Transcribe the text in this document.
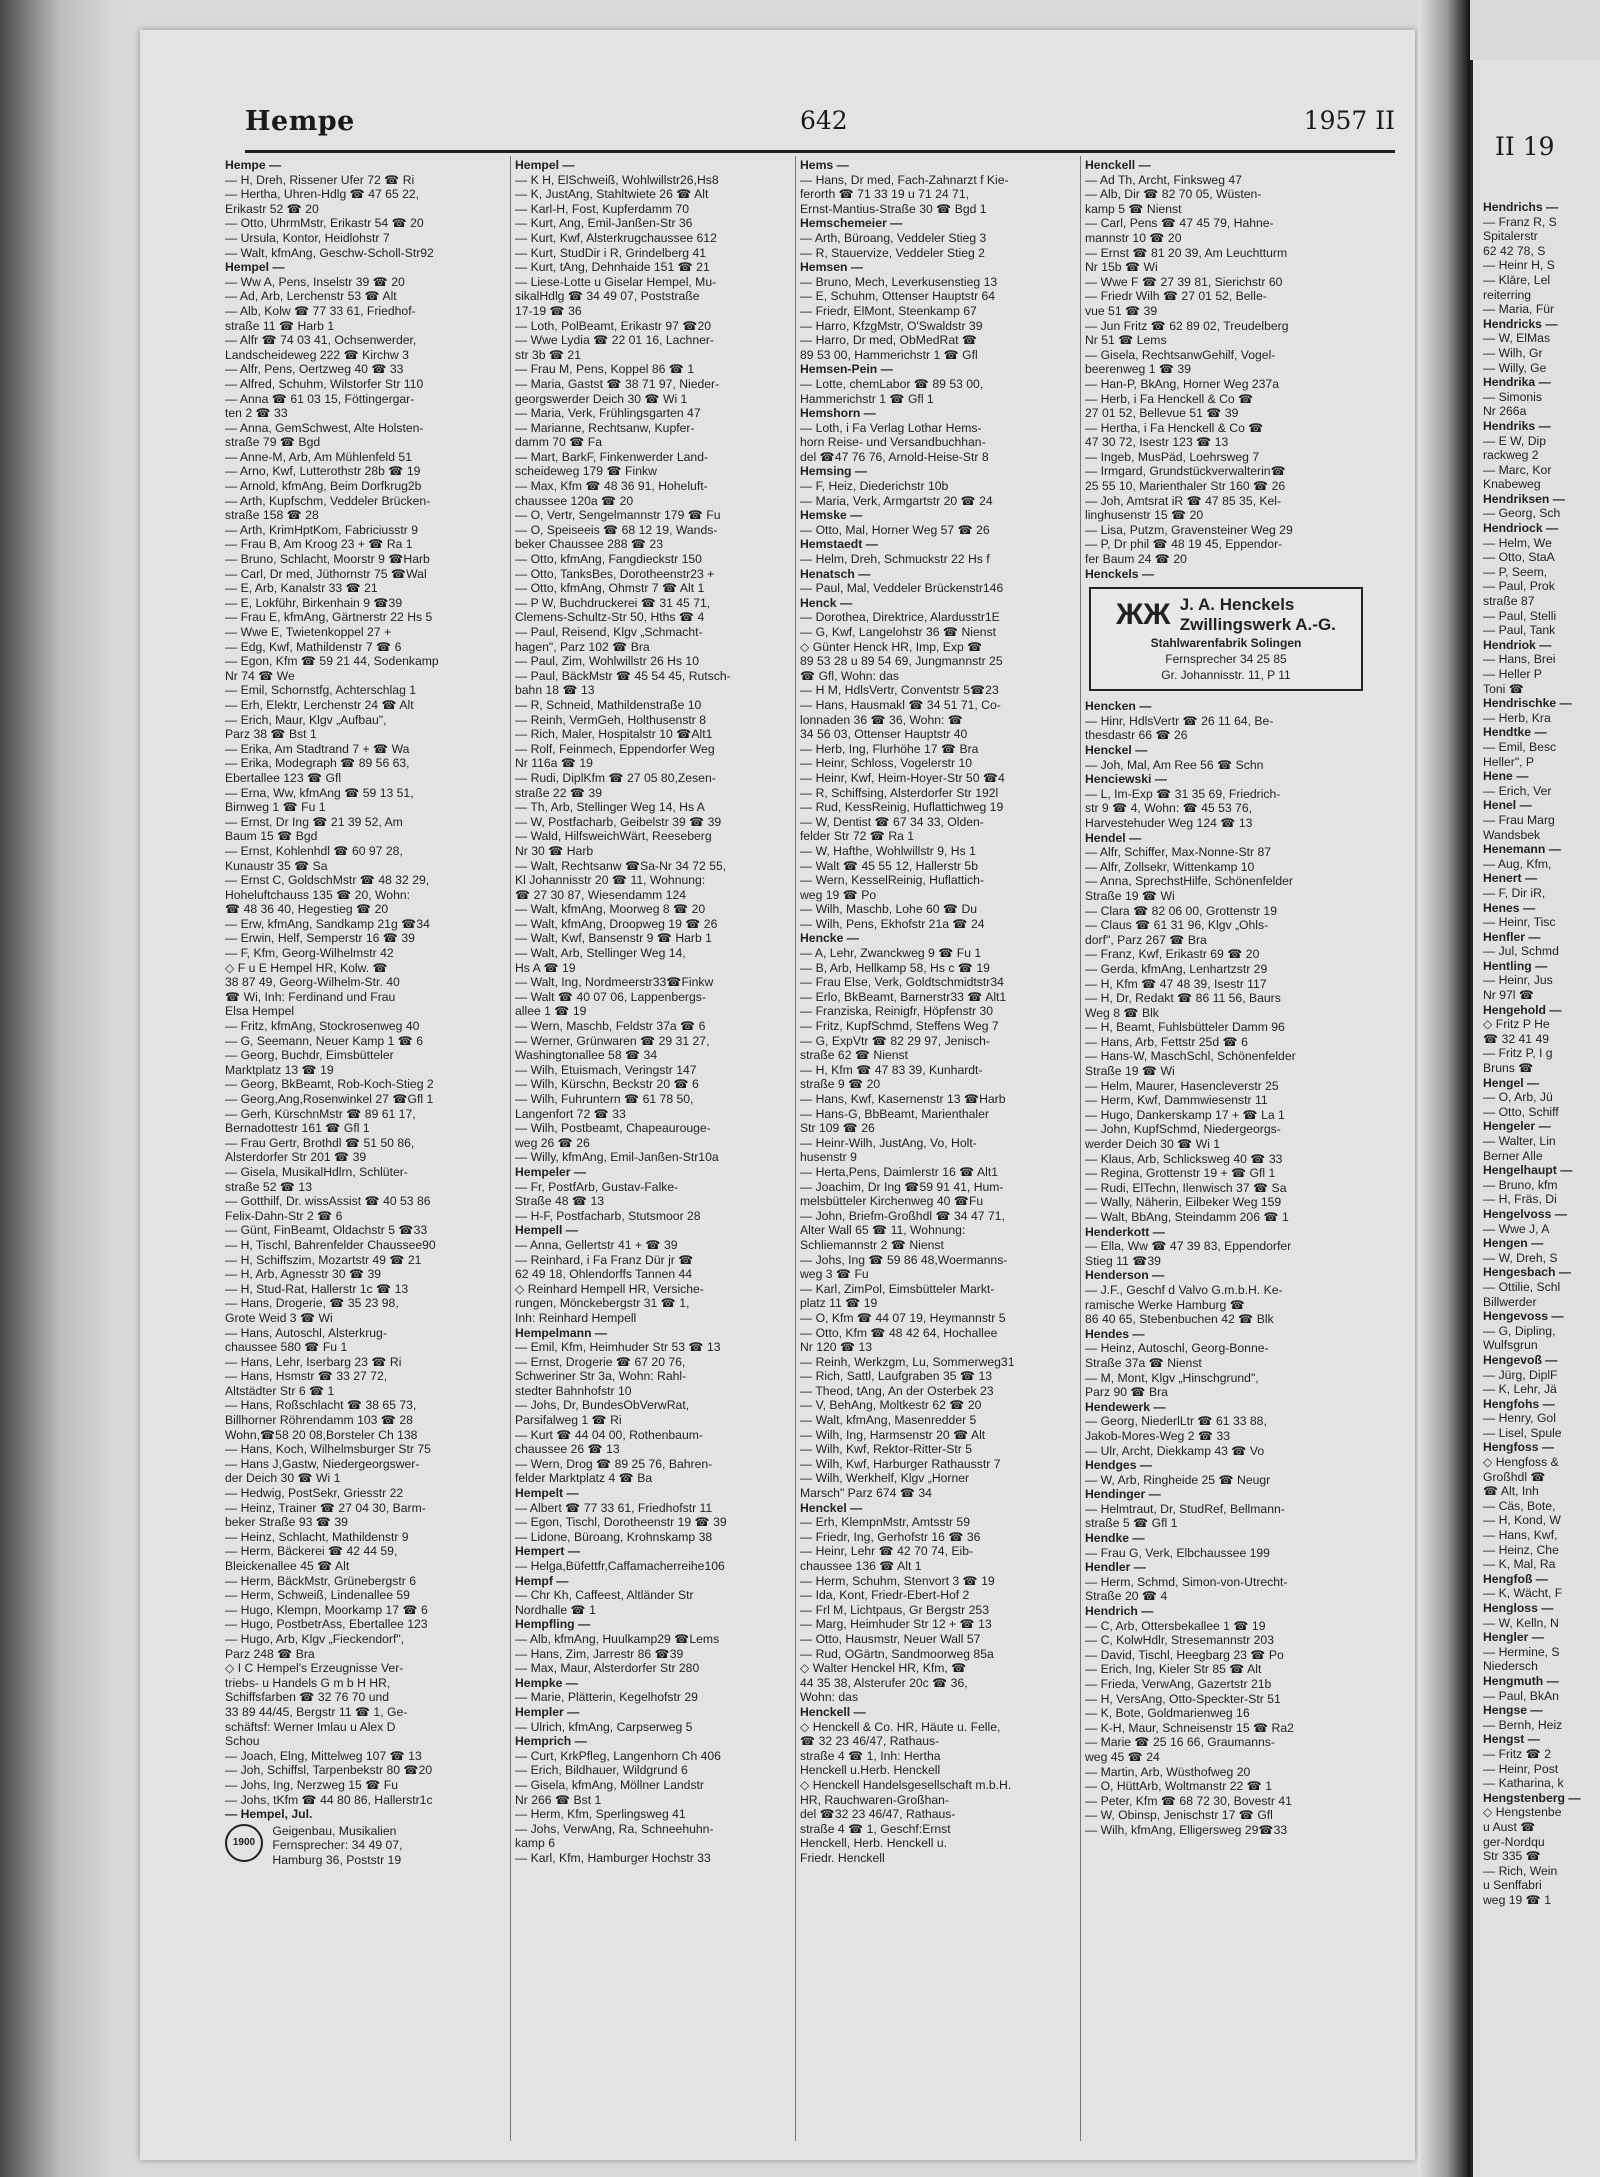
Hempe	642	1957 II
Hempe —
— H, Dreh, Rissener Ufer 72 ☎ Ri
— Hertha, Uhren-Hdlg ☎ 47 65 22,
Erikastr 52 ☎ 20
— Otto, UhrmMstr, Erikastr 54 ☎ 20
— Ursula, Kontor, Heidlohstr 7
— Walt, kfmAng, Geschw-Scholl-Str92
Hempel —
— Ww A, Pens, Inselstr 39 ☎ 20
— Ad, Arb, Lerchenstr 53 ☎ Alt
— Alb, Kolw ☎ 77 33 61, Friedhof-
straße 11 ☎ Harb 1
— Alfr ☎ 74 03 41, Ochsenwerder,
Landscheideweg 222 ☎ Kirchw 3
— Alfr, Pens, Oertzweg 40 ☎ 33
— Alfred, Schuhm, Wilstorfer Str 110
— Anna ☎ 61 03 15, Föttingergar-
ten 2 ☎ 33
— Anna, GemSchwest, Alte Holsten-
straße 79 ☎ Bgd
— Anne-M, Arb, Am Mühlenfeld 51
— Arno, Kwf, Lutterothstr 28b ☎ 19
— Arnold, kfmAng, Beim Dorfkrug2b
— Arth, Kupfschm, Veddeler Brücken-
straße 158 ☎ 28
— Arth, KrimHptKom, Fabriciusstr 9
— Frau B, Am Kroog 23 + ☎ Ra 1
— Bruno, Schlacht, Moorstr 9 ☎Harb
— Carl, Dr med, Jüthornstr 75 ☎Wal
— E, Arb, Kanalstr 33 ☎ 21
— E, Lokführ, Birkenhain 9 ☎39
— Frau E, kfmAng, Gärtnerstr 22 Hs 5
— Wwe E, Twietenkoppel 27 +
— Edg, Kwf, Mathildenstr 7 ☎ 6
— Egon, Kfm ☎ 59 21 44, Sodenkamp
Nr 74 ☎ We
— Emil, Schornstfg, Achterschlag 1
— Erh, Elektr, Lerchenstr 24 ☎ Alt
— Erich, Maur, Klgv „Aufbau",
Parz 38 ☎ Bst 1
— Erika, Am Stadtrand 7 + ☎ Wa
— Erika, Modegraph ☎ 89 56 63,
Ebertallee 123 ☎ Gfl
— Erna, Ww, kfmAng ☎ 59 13 51,
Birnweg 1 ☎ Fu 1
— Ernst, Dr Ing ☎ 21 39 52, Am
Baum 15 ☎ Bgd
— Ernst, Kohlenhdl ☎ 60 97 28,
Kunaustr 35 ☎ Sa
— Ernst C, GoldschMstr ☎ 48 32 29,
Hoheluftchauss 135 ☎ 20, Wohn:
☎ 48 36 40, Hegestieg ☎ 20
— Erw, kfmAng, Sandkamp 21g ☎34
— Erwin, Helf, Semperstr 16 ☎ 39
— F, Kfm, Georg-Wilhelmstr 42
◇ F u E Hempel HR, Kolw. ☎
38 87 49, Georg-Wilhelm-Str. 40
☎ Wi, Inh: Ferdinand und Frau
Elsa Hempel
— Fritz, kfmAng, Stockrosenweg 40
— G, Seemann, Neuer Kamp 1 ☎ 6
— Georg, Buchdr, Eimsbütteler
Marktplatz 13 ☎ 19
— Georg, BkBeamt, Rob-Koch-Stieg 2
— Georg,Ang,Rosenwinkel 27 ☎Gfl 1
— Gerh, KürschnMstr ☎ 89 61 17,
Bernadottestr 161 ☎ Gfl 1
— Frau Gertr, Brothdl ☎ 51 50 86,
Alsterdorfer Str 201 ☎ 39
— Gisela, MusikalHdlrn, Schlüter-
straße 52 ☎ 13
— Gotthilf, Dr. wissAssist ☎ 40 53 86
Felix-Dahn-Str 2 ☎ 6
— Günt, FinBeamt, Oldachstr 5 ☎33
— H, Tischl, Bahrenfelder Chaussee90
— H, Schiffszim, Mozartstr 49 ☎ 21
— H, Arb, Agnesstr 30 ☎ 39
— H, Stud-Rat, Hallerstr 1c ☎ 13
— Hans, Drogerie, ☎ 35 23 98,
Grote Weid 3 ☎ Wi
— Hans, Autoschl, Alsterkrug-
chaussee 580 ☎ Fu 1
— Hans, Lehr, Iserbarg 23 ☎ Ri
— Hans, Hsmstr ☎ 33 27 72,
Altstädter Str 6 ☎ 1
— Hans, Roßschlacht ☎ 38 65 73,
Billhorner Röhrendamm 103 ☎ 28
Wohn,☎58 20 08,Borsteler Ch 138
— Hans, Koch, Wilhelmsburger Str 75
— Hans J,Gastw, Niedergeorgswer-
der Deich 30 ☎ Wi 1
— Hedwig, PostSekr, Griesstr 22
— Heinz, Trainer ☎ 27 04 30, Barm-
beker Straße 93 ☎ 39
— Heinz, Schlacht, Mathildenstr 9
— Herm, Bäckerei ☎ 42 44 59,
Bleickenallee 45 ☎ Alt
— Herm, BäckMstr, Grünebergstr 6
— Herm, Schweiß, Lindenallee 59
— Hugo, Klempn, Moorkamp 17 ☎ 6
— Hugo, PostbetrAss, Ebertallee 123
— Hugo, Arb, Klgv „Fieckendorf",
Parz 248 ☎ Bra
◇ I C Hempel's Erzeugnisse Ver-
triebs- u Handels G m b H HR,
Schiffsfarben ☎ 32 76 70 und
33 89 44/45, Bergstr 11 ☎ 1, Ge-
schäftsf: Werner Imlau u Alex D
Schou
— Joach, Elng, Mittelweg 107 ☎ 13
— Joh, Schiffsl, Tarpenbekstr 80 ☎20
— Johs, Ing, Nerzweg 15 ☎ Fu
— Johs, tKfm ☎ 44 80 86, Hallerstr1c
— Hempel, Jul.
1900
Geigenbau, Musikalien
Fernsprecher: 34 49 07,
Hamburg 36, Poststr 19
Hempel —
— K H, ElSchweiß, Wohlwillstr26,Hs8
— K, JustAng, Stahltwiete 26 ☎ Alt
— Karl-H, Fost, Kupferdamm 70
— Kurt, Ang, Emil-Janßen-Str 36
— Kurt, Kwf, Alsterkrugchaussee 612
— Kurt, StudDir i R, Grindelberg 41
— Kurt, tAng, Dehnhaide 151 ☎ 21
— Liese-Lotte u Giselar Hempel, Mu-
sikalHdlg ☎ 34 49 07, Poststraße
17-19 ☎ 36
— Loth, PolBeamt, Erikastr 97 ☎20
— Wwe Lydia ☎ 22 01 16, Lachner-
str 3b ☎ 21
— Frau M, Pens, Koppel 86 ☎ 1
— Maria, Gastst ☎ 38 71 97, Nieder-
georgswerder Deich 30 ☎ Wi 1
— Maria, Verk, Frühlingsgarten 47
— Marianne, Rechtsanw, Kupfer-
damm 70 ☎ Fa
— Mart, BarkF, Finkenwerder Land-
scheideweg 179 ☎ Finkw
— Max, Kfm ☎ 48 36 91, Hoheluft-
chaussee 120a ☎ 20
— O, Vertr, Sengelmannstr 179 ☎ Fu
— O, Speiseeis ☎ 68 12 19, Wands-
beker Chaussee 288 ☎ 23
— Otto, kfmAng, Fangdieckstr 150
— Otto, TanksBes, Dorotheenstr23 +
— Otto, kfmAng, Ohmstr 7 ☎ Alt 1
— P W, Buchdruckerei ☎ 31 45 71,
Clemens-Schultz-Str 50, Hths ☎ 4
— Paul, Reisend, Klgv „Schmacht-
hagen", Parz 102 ☎ Bra
— Paul, Zim, Wohlwillstr 26 Hs 10
— Paul, BäckMstr ☎ 45 54 45, Rutsch-
bahn 18 ☎ 13
— R, Schneid, Mathildenstraße 10
— Reinh, VermGeh, Holthusenstr 8
— Rich, Maler, Hospitalstr 10 ☎Alt1
— Rolf, Feinmech, Eppendorfer Weg
Nr 116a ☎ 19
— Rudi, DiplKfm ☎ 27 05 80,Zesen-
straße 22 ☎ 39
— Th, Arb, Stellinger Weg 14, Hs A
— W, Postfacharb, Geibelstr 39 ☎ 39
— Wald, HilfsweichWärt, Reeseberg
Nr 30 ☎ Harb
— Walt, Rechtsanw ☎Sa-Nr 34 72 55,
Kl Johannisstr 20 ☎ 11, Wohnung:
☎ 27 30 87, Wiesendamm 124
— Walt, kfmAng, Moorweg 8 ☎ 20
— Walt, kfmAng, Droopweg 19 ☎ 26
— Walt, Kwf, Bansenstr 9 ☎ Harb 1
— Walt, Arb, Stellinger Weg 14,
Hs A ☎ 19
— Walt, Ing, Nordmeerstr33☎Finkw
— Walt ☎ 40 07 06, Lappenbergs-
allee 1 ☎ 19
— Wern, Maschb, Feldstr 37a ☎ 6
— Werner, Grünwaren ☎ 29 31 27,
Washingtonallee 58 ☎ 34
— Wilh, Etuismach, Veringstr 147
— Wilh, Kürschn, Beckstr 20 ☎ 6
— Wilh, Fuhruntern ☎ 61 78 50,
Langenfort 72 ☎ 33
— Wilh, Postbeamt, Chapeaurouge-
weg 26 ☎ 26
— Willy, kfmAng, Emil-Janßen-Str10a
Hempeler —
— Fr, PostfArb, Gustav-Falke-
Straße 48 ☎ 13
— H-F, Postfacharb, Stutsmoor 28
Hempell —
— Anna, Gellertstr 41 + ☎ 39
— Reinhard, i Fa Franz Dür jr ☎
62 49 18, Ohlendorffs Tannen 44
◇ Reinhard Hempell HR, Versiche-
rungen, Mönckebergstr 31 ☎ 1,
Inh: Reinhard Hempell
Hempelmann —
— Emil, Kfm, Heimhuder Str 53 ☎ 13
— Ernst, Drogerie ☎ 67 20 76,
Schweriner Str 3a, Wohn: Rahl-
stedter Bahnhofstr 10
— Johs, Dr, BundesObVerwRat,
Parsifalweg 1 ☎ Ri
— Kurt ☎ 44 04 00, Rothenbaum-
chaussee 26 ☎ 13
— Wern, Drog ☎ 89 25 76, Bahren-
felder Marktplatz 4 ☎ Ba
Hempelt —
— Albert ☎ 77 33 61, Friedhofstr 11
— Egon, Tischl, Dorotheenstr 19 ☎ 39
— Lidone, Büroang, Krohnskamp 38
Hempert —
— Helga,Büfettfr,Caffamacherreihe106
Hempf —
— Chr Kh, Caffeest, Altländer Str
Nordhalle ☎ 1
Hempfling —
— Alb, kfmAng, Huulkamp29 ☎Lems
— Hans, Zim, Jarrestr 86 ☎39
— Max, Maur, Alsterdorfer Str 280
Hempke —
— Marie, Plätterin, Kegelhofstr 29
Hempler —
— Ulrich, kfmAng, Carpserweg 5
Hemprich —
— Curt, KrkPfleg, Langenhorn Ch 406
— Erich, Bildhauer, Wildgrund 6
— Gisela, kfmAng, Möllner Landstr
Nr 266 ☎ Bst 1
— Herm, Kfm, Sperlingsweg 41
— Johs, VerwAng, Ra, Schneehuhn-
kamp 6
— Karl, Kfm, Hamburger Hochstr 33
Hems —
— Hans, Dr med, Fach-Zahnarzt f Kie-
ferorth ☎ 71 33 19 u 71 24 71,
Ernst-Mantius-Straße 30 ☎ Bgd 1
Hemschemeier —
— Arth, Büroang, Veddeler Stieg 3
— R, Stauervize, Veddeler Stieg 2
Hemsen —
— Bruno, Mech, Leverkusenstieg 13
— E, Schuhm, Ottenser Hauptstr 64
— Friedr, ElMont, Steenkamp 67
— Harro, KfzgMstr, O'Swaldstr 39
— Harro, Dr med, ObMedRat ☎
89 53 00, Hammerichstr 1 ☎ Gfl
Hemsen-Pein —
— Lotte, chemLabor ☎ 89 53 00,
Hammerichstr 1 ☎ Gfl 1
Hemshorn —
— Loth, i Fa Verlag Lothar Hems-
horn Reise- und Versandbuchhan-
del ☎47 76 76, Arnold-Heise-Str 8
Hemsing —
— F, Heiz, Diederichstr 10b
— Maria, Verk, Armgartstr 20 ☎ 24
Hemske —
— Otto, Mal, Horner Weg 57 ☎ 26
Hemstaedt —
— Helm, Dreh, Schmuckstr 22 Hs f
Henatsch —
— Paul, Mal, Veddeler Brückenstr146
Henck —
— Dorothea, Direktrice, Alardusstr1E
— G, Kwf, Langelohstr 36 ☎ Nienst
◇ Günter Henck HR, Imp, Exp ☎
89 53 28 u 89 54 69, Jungmannstr 25
☎ Gfl, Wohn: das
— H M, HdlsVertr, Conventstr 5☎23
— Hans, Hausmakl ☎ 34 51 71, Co-
lonnaden 36 ☎ 36, Wohn: ☎
34 56 03, Ottenser Hauptstr 40
— Herb, Ing, Flurhöhe 17 ☎ Bra
— Heinr, Schloss, Vogelerstr 10
— Heinr, Kwf, Heim-Hoyer-Str 50 ☎4
— R, Schiffsing, Alsterdorfer Str 192l
— Rud, KessReinig, Huflattichweg 19
— W, Dentist ☎ 67 34 33, Olden-
felder Str 72 ☎ Ra 1
— W, Hafthe, Wohlwillstr 9, Hs 1
— Walt ☎ 45 55 12, Hallerstr 5b
— Wern, KesselReinig, Huflattich-
weg 19 ☎ Po
— Wilh, Maschb, Lohe 60 ☎ Du
— Wilh, Pens, Ekhofstr 21a ☎ 24
Hencke —
— A, Lehr, Zwanckweg 9 ☎ Fu 1
— B, Arb, Hellkamp 58, Hs c ☎ 19
— Frau Else, Verk, Goldtschmidtstr34
— Erlo, BkBeamt, Barnerstr33 ☎ Alt1
— Franziska, Reinigfr, Höpfenstr 30
— Fritz, KupfSchmd, Steffens Weg 7
— G, ExpVtr ☎ 82 29 97, Jenisch-
straße 62 ☎ Nienst
— H, Kfm ☎ 47 83 39, Kunhardt-
straße 9 ☎ 20
— Hans, Kwf, Kasernenstr 13 ☎Harb
— Hans-G, BbBeamt, Marienthaler
Str 109 ☎ 26
— Heinr-Wilh, JustAng, Vo, Holt-
husenstr 9
— Herta,Pens, Daimlerstr 16 ☎ Alt1
— Joachim, Dr Ing ☎59 91 41, Hum-
melsbütteler Kirchenweg 40 ☎Fu
— John, Briefm-Großhdl ☎ 34 47 71,
Alter Wall 65 ☎ 11, Wohnung:
Schliemannstr 2 ☎ Nienst
— Johs, Ing ☎ 59 86 48,Woermanns-
weg 3 ☎ Fu
— Karl, ZimPol, Eimsbütteler Markt-
platz 11 ☎ 19
— O, Kfm ☎ 44 07 19, Heymannstr 5
— Otto, Kfm ☎ 48 42 64, Hochallee
Nr 120 ☎ 13
— Reinh, Werkzgm, Lu, Sommerweg31
— Rich, Sattl, Laufgraben 35 ☎ 13
— Theod, tAng, An der Osterbek 23
— V, BehAng, Moltkestr 62 ☎ 20
— Walt, kfmAng, Masenredder 5
— Wilh, Ing, Harmsenstr 20 ☎ Alt
— Wilh, Kwf, Rektor-Ritter-Str 5
— Wilh, Kwf, Harburger Rathausstr 7
— Wilh, Werkhelf, Klgv „Horner
Marsch" Parz 674 ☎ 34
Henckel —
— Erh, KlempnMstr, Amtsstr 59
— Friedr, Ing, Gerhofstr 16 ☎ 36
— Heinr, Lehr ☎ 42 70 74, Eib-
chaussee 136 ☎ Alt 1
— Herm, Schuhm, Stenvort 3 ☎ 19
— Ida, Kont, Friedr-Ebert-Hof 2
— Frl M, Lichtpaus, Gr Bergstr 253
— Marg, Heimhuder Str 12 + ☎ 13
— Otto, Hausmstr, Neuer Wall 57
— Rud, OGärtn, Sandmoorweg 85a
◇ Walter Henckel HR, Kfm, ☎
44 35 38, Alsterufer 20c ☎ 36,
Wohn: das
Henckell —
◇ Henckell & Co. HR, Häute u. Felle,
☎ 32 23 46/47, Rathaus-
straße 4 ☎ 1, Inh: Hertha
Henckell u.Herb. Henckell
◇ Henckell Handelsgesellschaft m.b.H.
HR, Rauchwaren-Großhan-
del ☎32 23 46/47, Rathaus-
straße 4 ☎ 1, Geschf:Ernst
Henckell, Herb. Henckell u.
Friedr. Henckell
Henckell —
— Ad Th, Archt, Finksweg 47
— Alb, Dir ☎ 82 70 05, Wüsten-
kamp 5 ☎ Nienst
— Carl, Pens ☎ 47 45 79, Hahne-
mannstr 10 ☎ 20
— Ernst ☎ 81 20 39, Am Leuchtturm
Nr 15b ☎ Wi
— Wwe F ☎ 27 39 81, Sierichstr 60
— Friedr Wilh ☎ 27 01 52, Belle-
vue 51 ☎ 39
— Jun Fritz ☎ 62 89 02, Treudelberg
Nr 51 ☎ Lems
— Gisela, RechtsanwGehilf, Vogel-
beerenweg 1 ☎ 39
— Han-P, BkAng, Horner Weg 237a
— Herb, i Fa Henckell & Co ☎
27 01 52, Bellevue 51 ☎ 39
— Hertha, i Fa Henckell & Co ☎
47 30 72, Isestr 123 ☎ 13
— Ingeb, MusPäd, Loehrsweg 7
— Irmgard, Grundstückverwalterin☎
25 55 10, Marienthaler Str 160 ☎ 26
— Joh, Amtsrat iR ☎ 47 85 35, Kel-
linghusenstr 15 ☎ 20
— Lisa, Putzm, Gravensteiner Weg 29
— P, Dr phil ☎ 48 19 45, Eppendor-
fer Baum 24 ☎ 20
Henckels —
ЖЖ J. A. Henckels
Zwillingswerk A.-G.
Stahlwarenfabrik Solingen
Fernsprecher 34 25 85
Gr. Johannisstr. 11, P 11
Hencken —
— Hinr, HdlsVertr ☎ 26 11 64, Be-
thesdastr 66 ☎ 26
Henckel —
— Joh, Mal, Am Ree 56 ☎ Schn
Henciewski —
— L, Im-Exp ☎ 31 35 69, Friedrich-
str 9 ☎ 4, Wohn: ☎ 45 53 76,
Harvestehuder Weg 124 ☎ 13
Hendel —
— Alfr, Schiffer, Max-Nonne-Str 87
— Alfr, Zollsekr, Wittenkamp 10
— Anna, SprechstHilfe, Schönenfelder
Straße 19 ☎ Wi
— Clara ☎ 82 06 00, Grottenstr 19
— Claus ☎ 61 31 96, Klgv „Ohls-
dorf", Parz 267 ☎ Bra
— Franz, Kwf, Erikastr 69 ☎ 20
— Gerda, kfmAng, Lenhartzstr 29
— H, Kfm ☎ 47 48 39, Isestr 117
— H, Dr, Redakt ☎ 86 11 56, Baurs
Weg 8 ☎ Blk
— H, Beamt, Fuhlsbütteler Damm 96
— Hans, Arb, Fettstr 25d ☎ 6
— Hans-W, MaschSchl, Schönenfelder
Straße 19 ☎ Wi
— Helm, Maurer, Hasencleverstr 25
— Herm, Kwf, Dammwiesenstr 11
— Hugo, Dankerskamp 17 + ☎ La 1
— John, KupfSchmd, Niedergeorgs-
werder Deich 30 ☎ Wi 1
— Klaus, Arb, Schlicksweg 40 ☎ 33
— Regina, Grottenstr 19 + ☎ Gfl 1
— Rudi, ElTechn, Ilenwisch 37 ☎ Sa
— Wally, Näherin, Eilbeker Weg 159
— Walt, BbAng, Steindamm 206 ☎ 1
Henderkott —
— Ella, Ww ☎ 47 39 83, Eppendorfer
Stieg 11 ☎39
Henderson —
— J.F., Geschf d Valvo G.m.b.H. Ke-
ramische Werke Hamburg ☎
86 40 65, Stebenbuchen 42 ☎ Blk
Hendes —
— Heinz, Autoschl, Georg-Bonne-
Straße 37a ☎ Nienst
— M, Mont, Klgv „Hinschgrund",
Parz 90 ☎ Bra
Hendewerk —
— Georg, NiederlLtr ☎ 61 33 88,
Jakob-Mores-Weg 2 ☎ 33
— Ulr, Archt, Diekkamp 43 ☎ Vo
Hendges —
— W, Arb, Ringheide 25 ☎ Neugr
Hendinger —
— Helmtraut, Dr, StudRef, Bellmann-
straße 5 ☎ Gfl 1
Hendke —
— Frau G, Verk, Elbchaussee 199
Hendler —
— Herm, Schmd, Simon-von-Utrecht-
Straße 20 ☎ 4
Hendrich —
— C, Arb, Ottersbekallee 1 ☎ 19
— C, KolwHdlr, Stresemannstr 203
— David, Tischl, Heegbarg 23 ☎ Po
— Erich, Ing, Kieler Str 85 ☎ Alt
— Frieda, VerwAng, Gazertstr 21b
— H, VersAng, Otto-Speckter-Str 51
— K, Bote, Goldmarienweg 16
— K-H, Maur, Schneisenstr 15 ☎ Ra2
— Marie ☎ 25 16 66, Graumanns-
weg 45 ☎ 24
— Martin, Arb, Wüsthofweg 20
— O, HüttArb, Woltmanstr 22 ☎ 1
— Peter, Kfm ☎ 68 72 30, Bovestr 41
— W, Obinsp, Jenischstr 17 ☎ Gfl
— Wilh, kfmAng, Elligersweg 29☎33
II 19
Hendrichs —
— Franz R, S
Spitalerstr
62 42 78, S
— Heinr H, S
— Klāre, Lel
reiterring
— Maria, Für
Hendricks —
— W, ElMas
— Wilh, Gr
— Willy, Ge
Hendrika —
— Simonis
Nr 266a
Hendriks —
— E W, Dip
rackweg 2
— Marc, Kor
Knabeweg
Hendriksen —
— Georg, Sch
Hendriock —
— Helm, We
— Otto, StaA
— P, Seem,
— Paul, Prok
straße 87
— Paul, Stelli
— Paul, Tank
Hendriok —
— Hans, Brei
— Heller P
Toni ☎
Hendrischke —
— Herb, Kra
Hendtke —
— Emil, Besc
Heller", P
Hene —
— Erich, Ver
Henel —
— Frau Marg
Wandsbek
Henemann —
— Aug, Kfm,
Henert —
— F, Dir iR,
Henes —
— Heinr, Tisc
Henfler —
— Jul, Schmd
Hentling —
— Heinr, Jus
Nr 97l ☎
Hengehold —
◇ Fritz P He
☎ 32 41 49
— Fritz P, I g
Bruns ☎
Hengel —
— O, Arb, Jü
— Otto, Schiff
Hengeler —
— Walter, Lin
Berner Alle
Hengelhaupt —
— Bruno, kfm
— H, Fräs, Di
Hengelvoss —
— Wwe J, A
Hengen —
— W, Dreh, S
Hengesbach —
— Ottilie, Schl
Billwerder
Hengevoss —
— G, Dipling,
Wulfsgrun
Hengevoß —
— Jürg, DiplF
— K, Lehr, Jä
Hengfohs —
— Henry, Gol
— Lisel, Spule
Hengfoss —
◇ Hengfoss &
Großhdl ☎
☎ Alt, Inh
— Cäs, Bote,
— H, Kond, W
— Hans, Kwf,
— Heinz, Che
— K, Mal, Ra
Hengfoß —
— K, Wächt, F
Hengloss —
— W, Kelln, N
Hengler —
— Hermine, S
Niedersch
Hengmuth —
— Paul, BkAn
Hengse —
— Bernh, Heiz
Hengst —
— Fritz ☎ 2
— Heinr, Post
— Katharina, k
Hengstenberg —
◇ Hengstenbe
u Aust ☎
ger-Nordqu
Str 335 ☎
— Rich, Wein
u Senffabri
weg 19 ☎ 1
